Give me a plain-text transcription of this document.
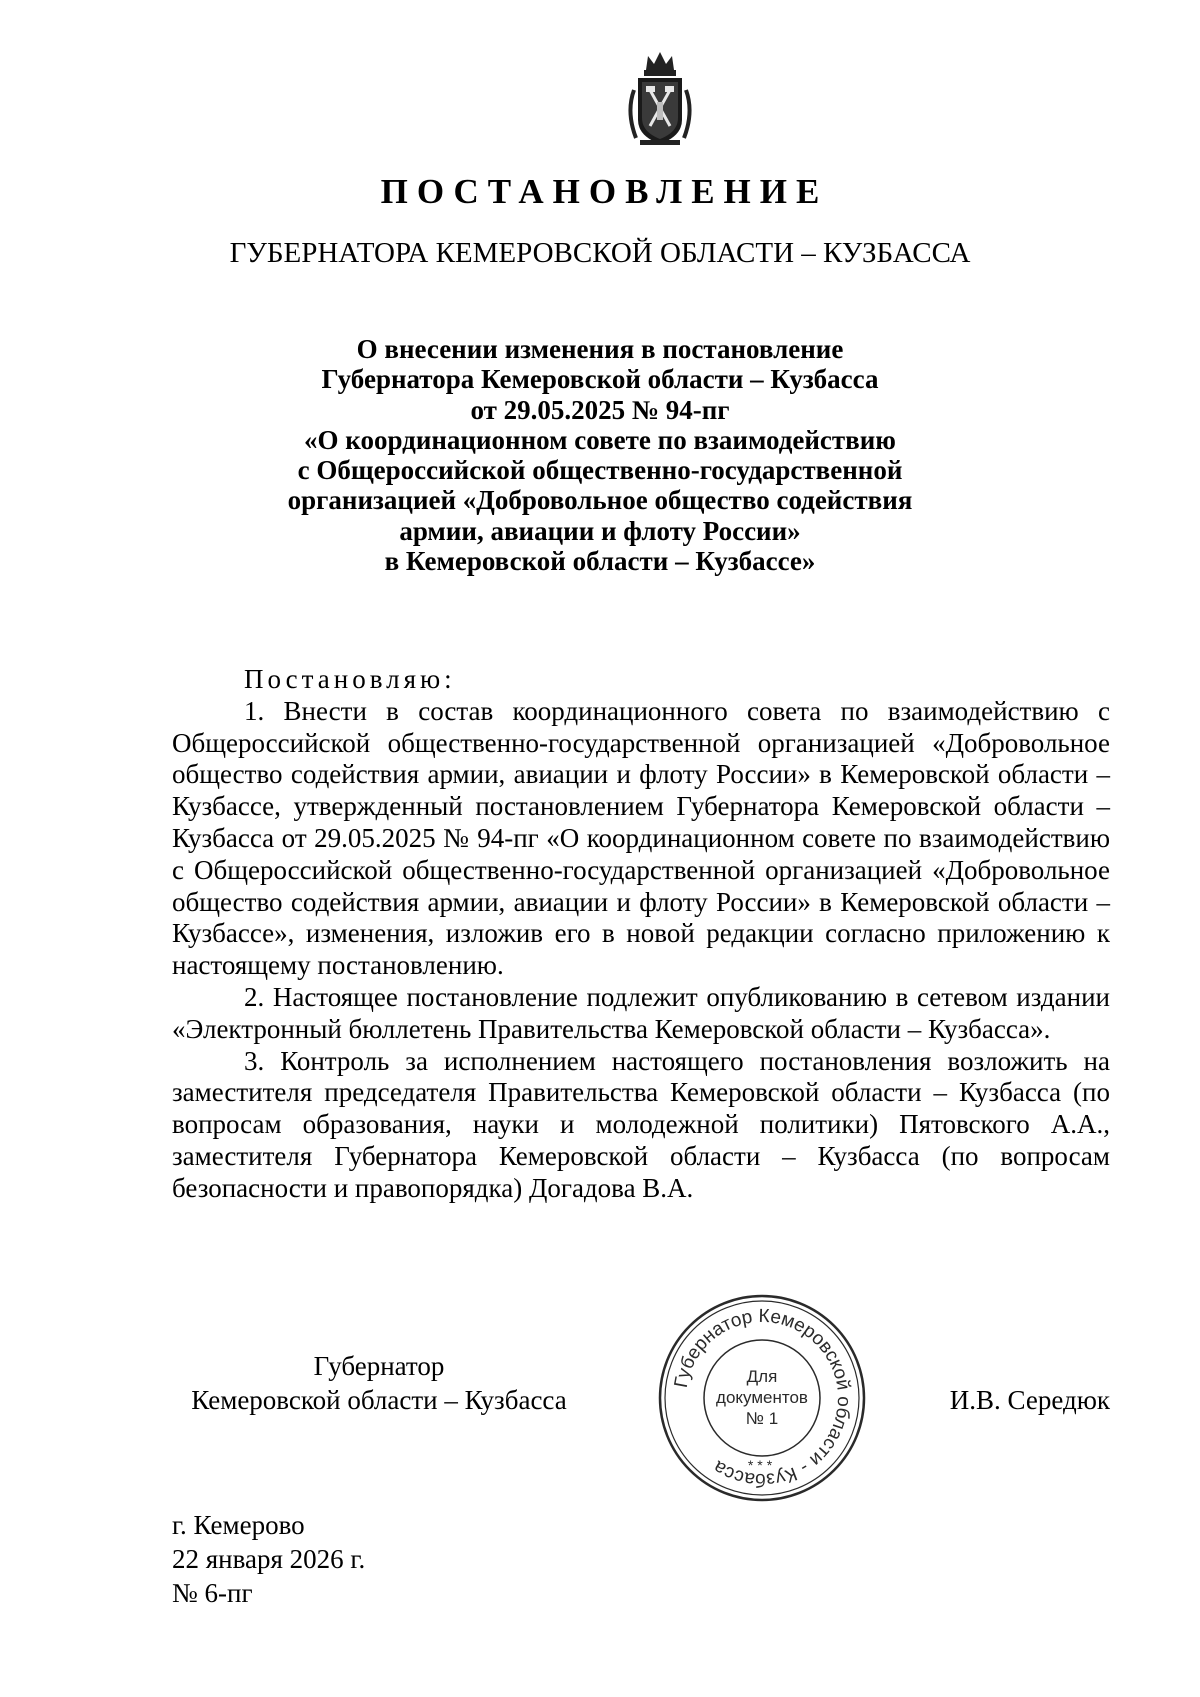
ПОСТАНОВЛЕНИЕ
ГУБЕРНАТОРА КЕМЕРОВСКОЙ ОБЛАСТИ – КУЗБАССА
О внесении изменения в постановление
Губернатора Кемеровской области – Кузбасса
от 29.05.2025 № 94-пг
«О координационном совете по взаимодействию
с Общероссийской общественно-государственной
организацией «Добровольное общество содействия
армии, авиации и флоту России»
в Кемеровской области – Кузбассе»

Постановляю:

1. Внести в состав координационного совета по взаимодействию с Общероссийской общественно-государственной организацией «Добровольное общество содействия армии, авиации и флоту России» в Кемеровской области – Кузбассе, утвержденный постановлением Губернатора Кемеровской области – Кузбасса от 29.05.2025 № 94-пг «О координационном совете по взаимодействию с Общероссийской общественно-государственной организацией «Добровольное общество содействия армии, авиации и флоту России» в Кемеровской области – Кузбассе», изменения, изложив его в новой редакции согласно приложению к настоящему постановлению.

2. Настоящее постановление подлежит опубликованию в сетевом издании «Электронный бюллетень Правительства Кемеровской области – Кузбасса».

3. Контроль за исполнением настоящего постановления возложить на заместителя председателя Правительства Кемеровской области – Кузбасса (по вопросам образования, науки и молодежной политики) Пятовского А.А., заместителя Губернатора Кемеровской области – Кузбасса (по вопросам безопасности и правопорядка) Догадова В.А.

Губернатор
Кемеровской области – Кузбасса
Губернатор Кемеровской области - Кузбасса
Для
документов
№ 1
***
И.В. Середюк
г. Кемерово
22 января 2026 г.
№ 6-пг
